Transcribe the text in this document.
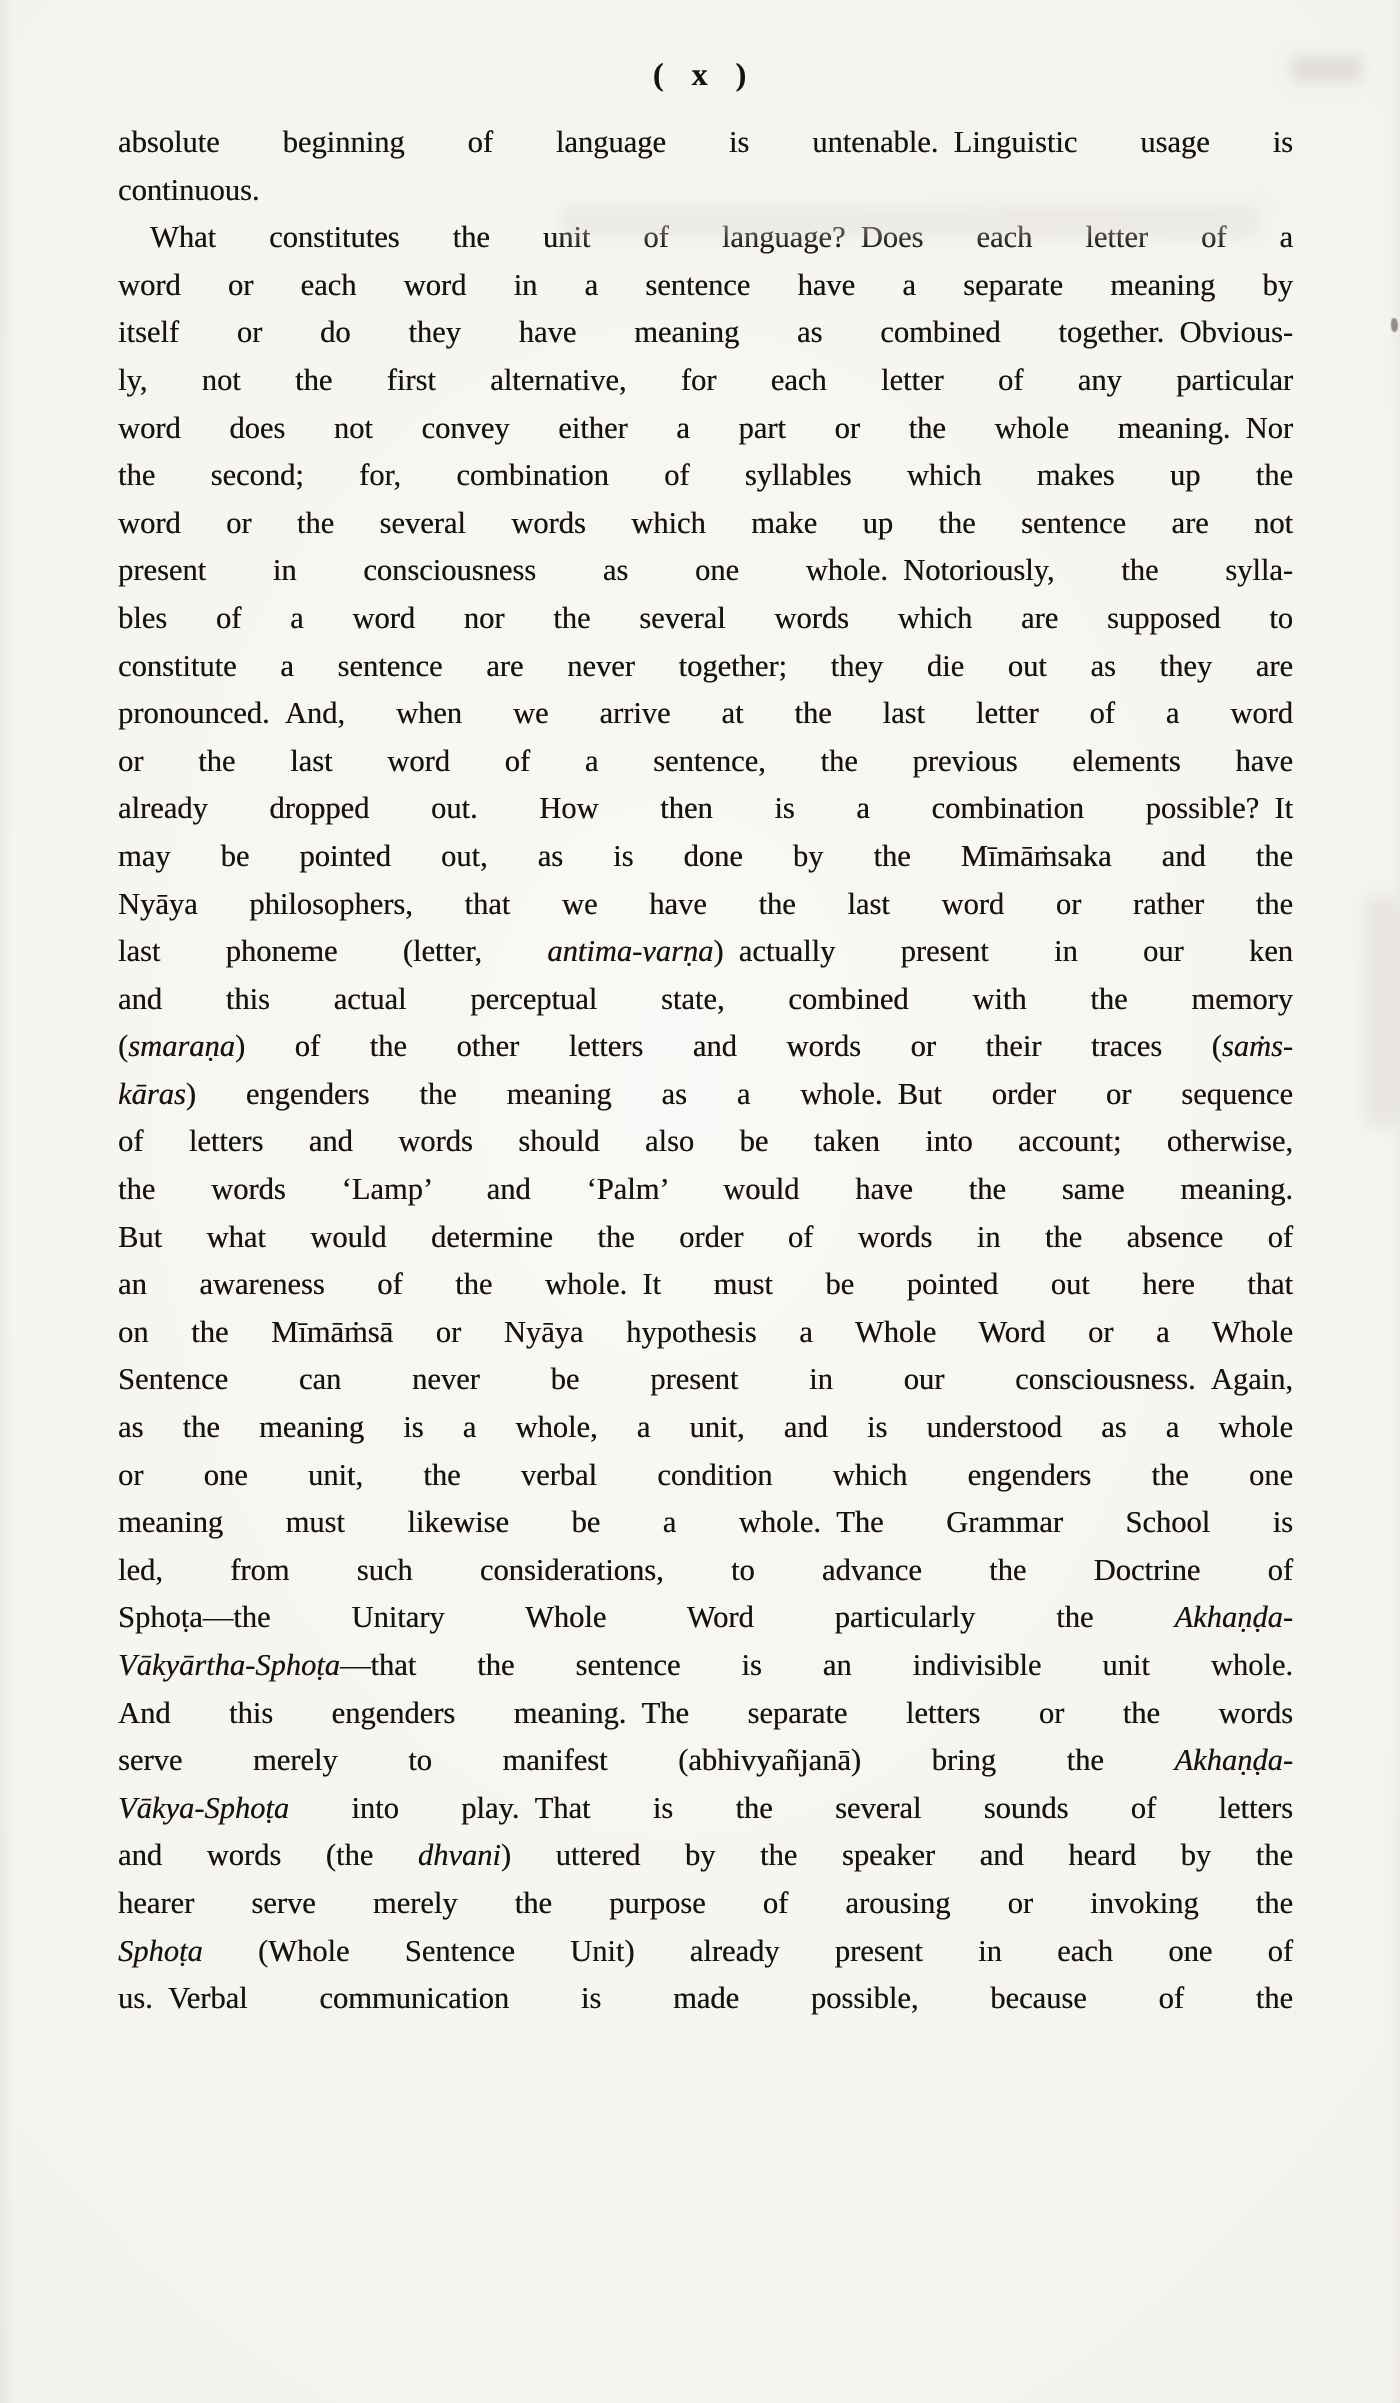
( x )
absolute beginning of language is untenable. Linguistic usage is
continuous.
What constitutes the unit of language? Does each letter of a
word or each word in a sentence have a separate meaning by
itself or do they have meaning as combined together. Obvious-
ly, not the first alternative, for each letter of any particular
word does not convey either a part or the whole meaning. Nor
the second; for, combination of syllables which makes up the
word or the several words which make up the sentence are not
present in consciousness as one whole. Notoriously, the sylla-
bles of a word nor the several words which are supposed to
constitute a sentence are never together; they die out as they are
pronounced. And, when we arrive at the last letter of a word
or the last word of a sentence, the previous elements have
already dropped out. How then is a combination possible? It
may be pointed out, as is done by the Mīmāṁsaka and the
Nyāya philosophers, that we have the last word or rather the
last phoneme (letter, antima-varṇa) actually present in our ken
and this actual perceptual state, combined with the memory
(smaraṇa) of the other letters and words or their traces (saṁs-
kāras) engenders the meaning as a whole. But order or sequence
of letters and words should also be taken into account; otherwise,
the words ‘Lamp’ and ‘Palm’ would have the same meaning.
But what would determine the order of words in the absence of
an awareness of the whole. It must be pointed out here that
on the Mīmāṁsā or Nyāya hypothesis a Whole Word or a Whole
Sentence can never be present in our consciousness. Again,
as the meaning is a whole, a unit, and is understood as a whole
or one unit, the verbal condition which engenders the one
meaning must likewise be a whole. The Grammar School is
led, from such considerations, to advance the Doctrine of
Sphoṭa—the Unitary Whole Word particularly the Akhaṇḍa-
Vākyārtha-Sphoṭa—that the sentence is an indivisible unit whole.
And this engenders meaning. The separate letters or the words
serve merely to manifest (abhivyañjanā) bring the Akhaṇḍa-
Vākya-Sphoṭa into play. That is the several sounds of letters
and words (the dhvani) uttered by the speaker and heard by the
hearer serve merely the purpose of arousing or invoking the
Sphoṭa (Whole Sentence Unit) already present in each one of
us. Verbal communication is made possible, because of the
